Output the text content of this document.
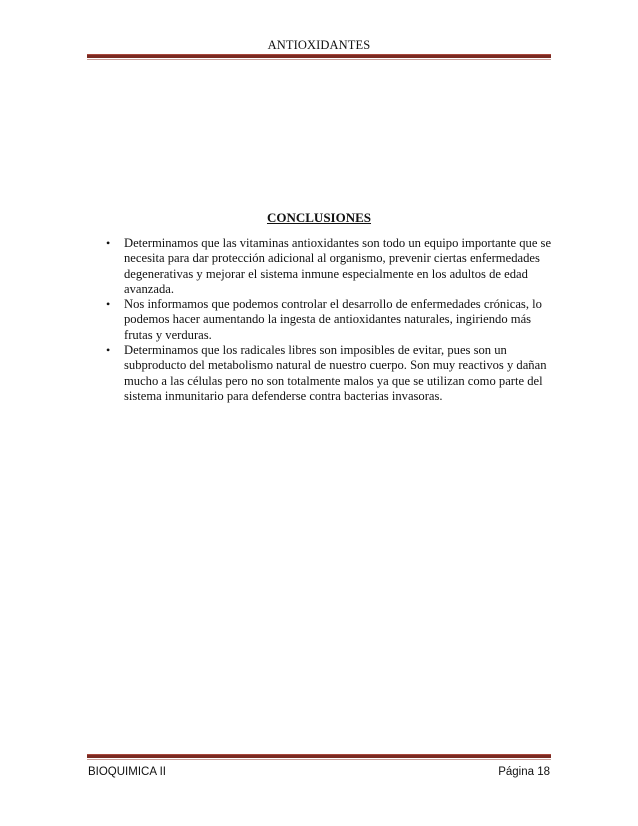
ANTIOXIDANTES
CONCLUSIONES
• Determinamos que las vitaminas antioxidantes son todo un equipo importante que se necesita para dar protección adicional al organismo, prevenir ciertas enfermedades degenerativas y mejorar el sistema inmune especialmente en los adultos de edad avanzada.
• Nos informamos que podemos controlar el desarrollo de enfermedades crónicas, lo podemos hacer aumentando la ingesta de antioxidantes naturales, ingiriendo más frutas y verduras.
• Determinamos que los radicales libres son imposibles de evitar, pues son un subproducto del metabolismo natural de nuestro cuerpo. Son muy reactivos y dañan mucho a las células pero no son totalmente malos ya que se utilizan como parte del sistema inmunitario para defenderse contra bacterias invasoras.
BIOQUIMICA II	Página 18
